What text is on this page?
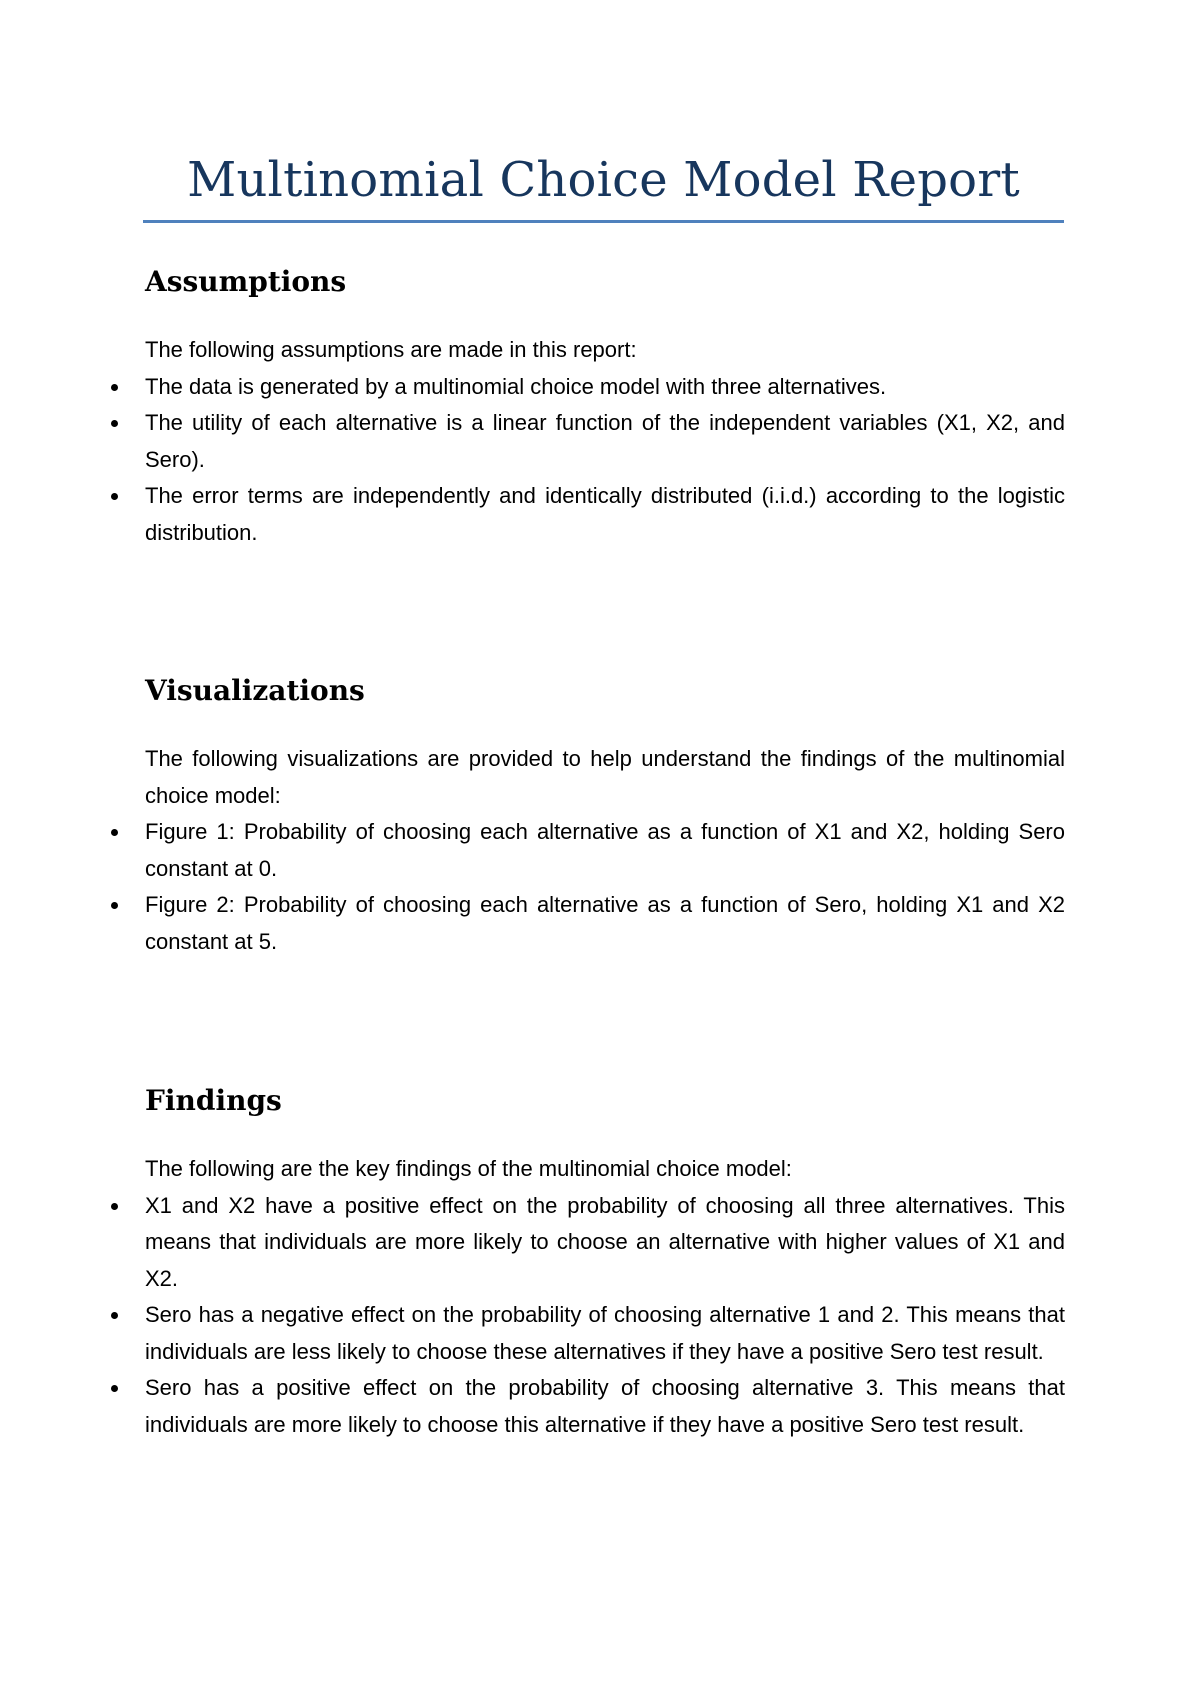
Multinomial Choice Model Report
Assumptions

The following assumptions are made in this report:

The data is generated by a multinomial choice model with three alternatives.
The utility of each alternative is a linear function of the independent variables (X1, X2, and Sero).
The error terms are independently and identically distributed (i.i.d.) according to the logistic distribution.
Visualizations

The following visualizations are provided to help understand the findings of the multinomial choice model:

Figure 1: Probability of choosing each alternative as a function of X1 and X2, holding Sero constant at 0.
Figure 2: Probability of choosing each alternative as a function of Sero, holding X1 and X2 constant at 5.
Findings

The following are the key findings of the multinomial choice model:

X1 and X2 have a positive effect on the probability of choosing all three alternatives. This means that individuals are more likely to choose an alternative with higher values of X1 and X2.
Sero has a negative effect on the probability of choosing alternative 1 and 2. This means that individuals are less likely to choose these alternatives if they have a positive Sero test result.
Sero has a positive effect on the probability of choosing alternative 3. This means that individuals are more likely to choose this alternative if they have a positive Sero test result.
